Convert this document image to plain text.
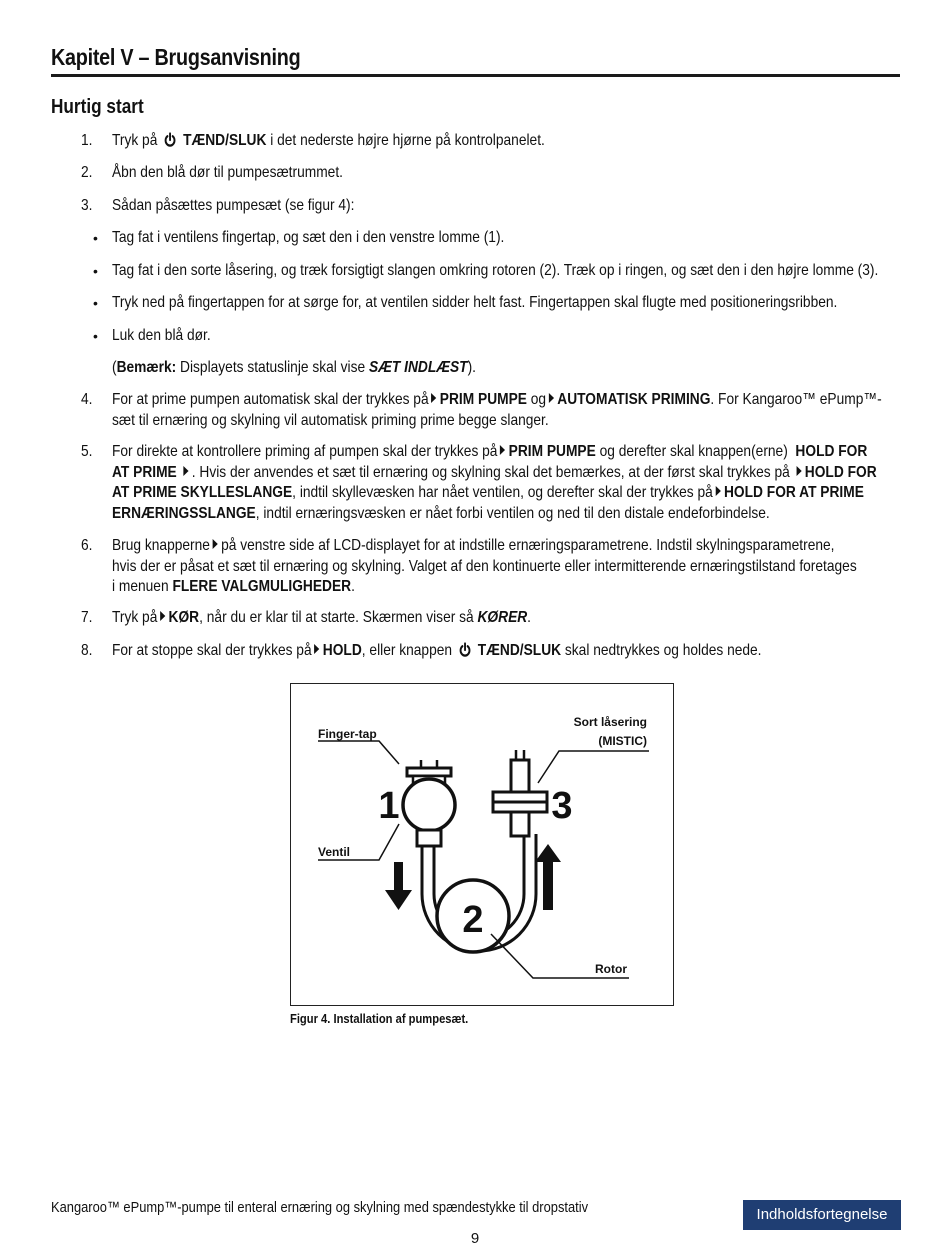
Kapitel V – Brugsanvisning
Hurtig start
1. Tryk på TÆND/SLUK i det nederste højre hjørne på kontrolpanelet.
2. Åbn den blå dør til pumpesætrummet.
3. Sådan påsættes pumpesæt (se figur 4):
• Tag fat i ventilens fingertap, og sæt den i den venstre lomme (1).
• Tag fat i den sorte låsering, og træk forsigtigt slangen omkring rotoren (2). Træk op i ringen, og sæt den i den højre lomme (3).
• Tryk ned på fingertappen for at sørge for, at ventilen sidder helt fast. Fingertappen skal flugte med positioneringsribben.
• Luk den blå dør.
(Bemærk: Displayets statuslinje skal vise SÆT INDLÆST).
4. For at prime pumpen automatisk skal der trykkes på PRIM PUMPE og AUTOMATISK PRIMING. For Kangaroo™ ePump™-
sæt til ernæring og skylning vil automatisk priming prime begge slanger.
5. For direkte at kontrollere priming af pumpen skal der trykkes på PRIM PUMPE og derefter skal knappen(erne) HOLD FOR
AT PRIME . Hvis der anvendes et sæt til ernæring og skylning skal det bemærkes, at der først skal trykkes på HOLD FOR
AT PRIME SKYLLESLANGE, indtil skyllevæsken har nået ventilen, og derefter skal der trykkes på HOLD FOR AT PRIME
ERNÆRINGSSLANGE, indtil ernæringsvæsken er nået forbi ventilen og ned til den distale endeforbindelse.
6. Brug knapperne på venstre side af LCD-displayet for at indstille ernæringsparametrene. Indstil skylningsparametrene,
hvis der er påsat et sæt til ernæring og skylning. Valget af den kontinuerte eller intermitterende ernæringstilstand foretages
i menuen FLERE VALGMULIGHEDER.
7. Tryk på KØR, når du er klar til at starte. Skærmen viser så KØRER.
8. For at stoppe skal der trykkes på HOLD, eller knappen TÆND/SLUK skal nedtrykkes og holdes nede.
2
1	3
Finger-tap
Sort låsering
(MISTIC)
Ventil
Rotor
Figur 4. Installation af pumpesæt.
Kangaroo™ ePump™-pumpe til enteral ernæring og skylning med spændestykke til dropstativ	Indholdsfortegnelse
9
